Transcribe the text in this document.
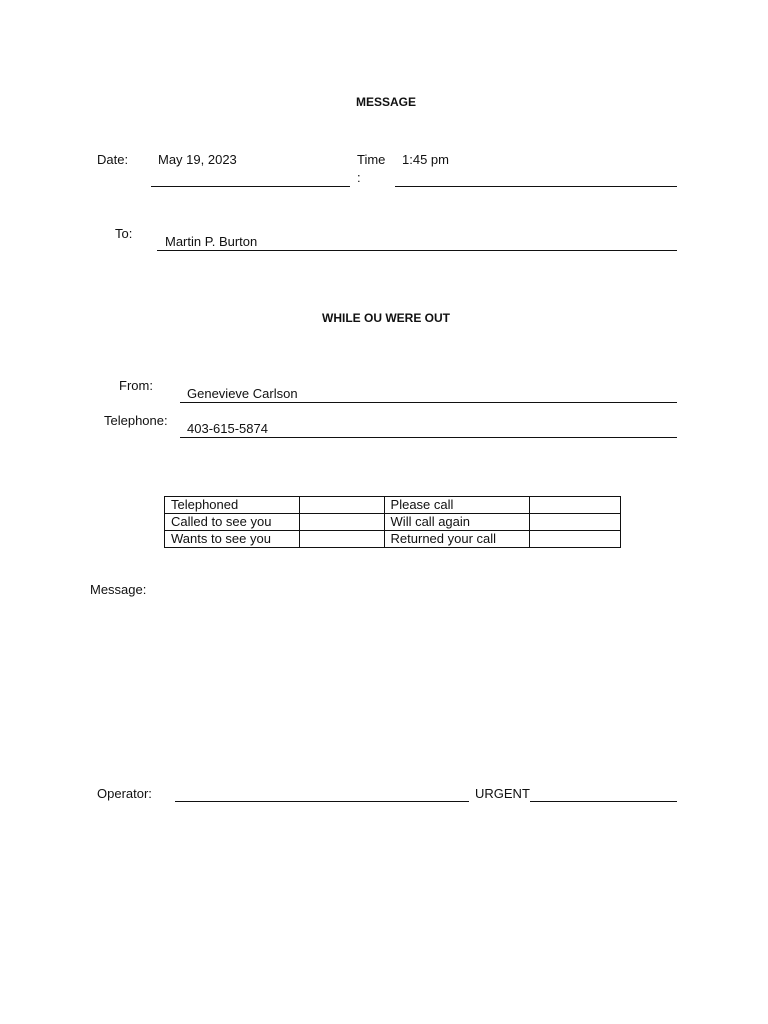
MESSAGE
Date: May 19, 2023	Time
:
1:45 pm
To:
Martin P. Burton
WHILE OU WERE OUT
From:
Genevieve Carlson
Telephone:
403-615-5874
Telephoned		Please call	
Called to see you		Will call again	
Wants to see you		Returned your call	
Message:
Operator:	URGENT
